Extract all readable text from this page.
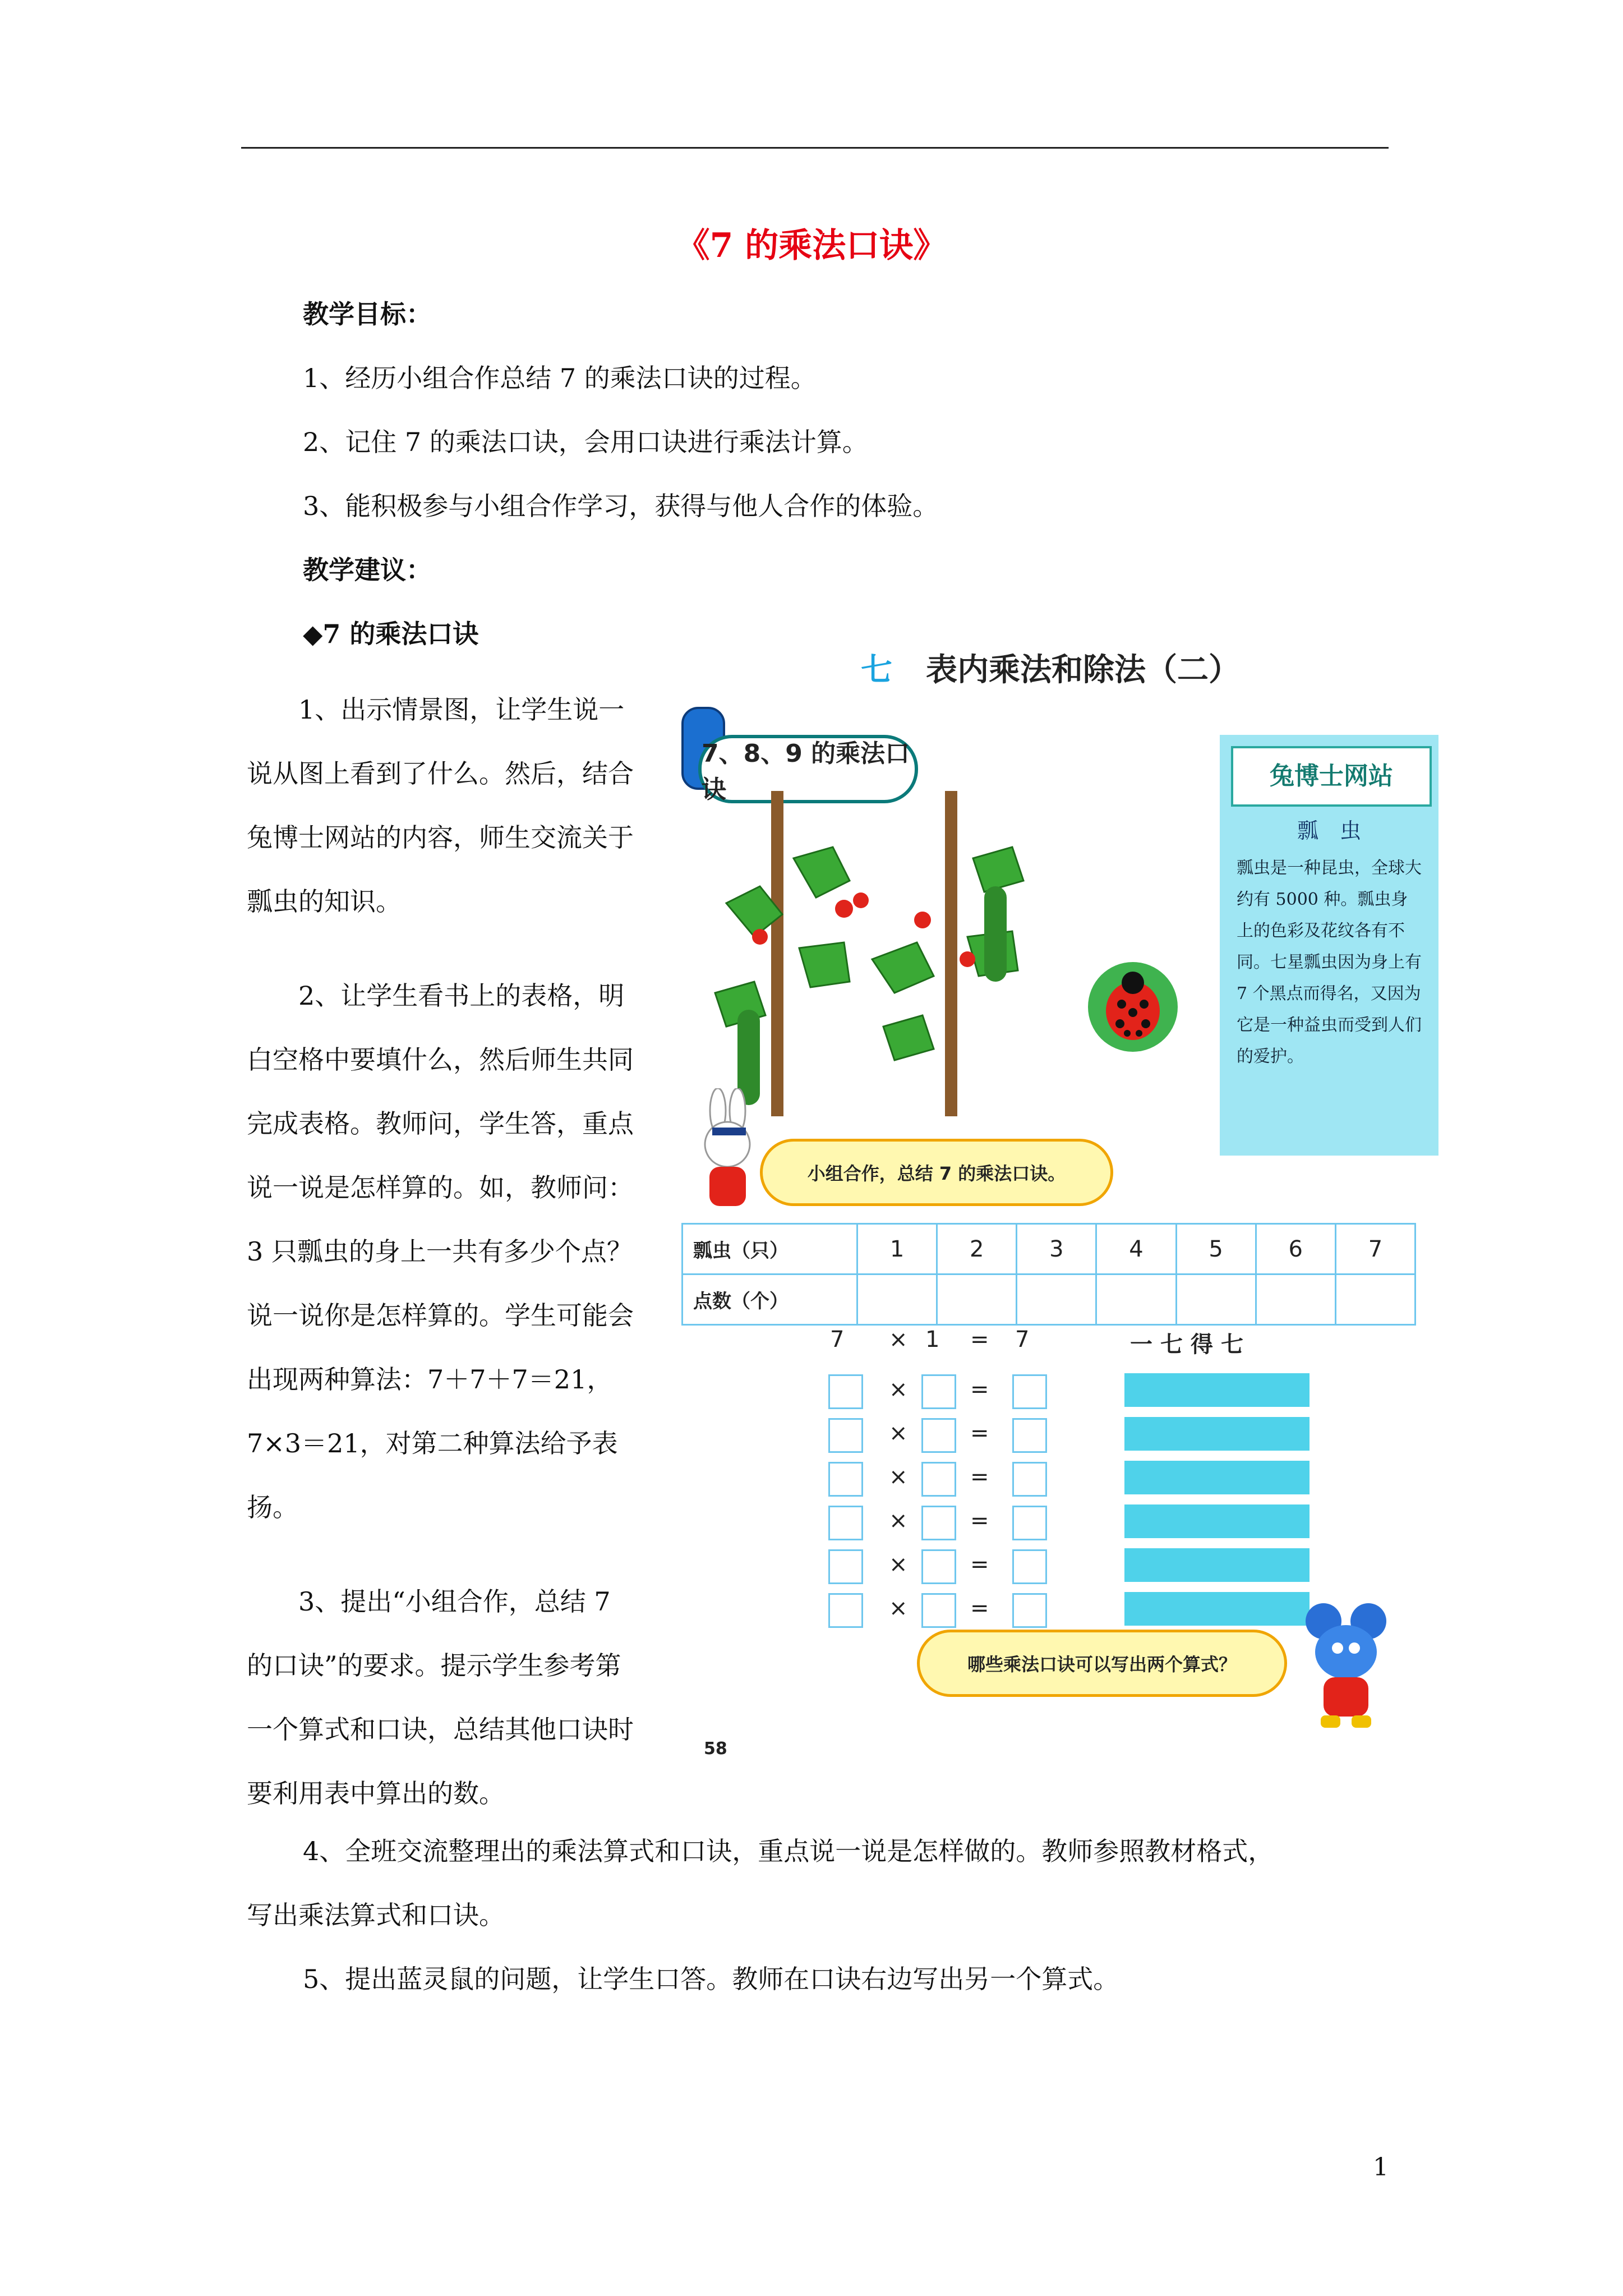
《7 的乘法口诀》
教学目标：
1、经历小组合作总结 7 的乘法口诀的过程。
2、记住 7 的乘法口诀，会用口诀进行乘法计算。
3、能积极参与小组合作学习，获得与他人合作的体验。
教学建议：
◆7 的乘法口诀

1、出示情景图，让学生说一说从图上看到了什么。然后，结合兔博士网站的内容，师生交流关于瓢虫的知识。

2、让学生看书上的表格，明白空格中要填什么，然后师生共同完成表格。教师问，学生答，重点说一说是怎样算的。如，教师问：3 只瓢虫的身上一共有多少个点？说一说你是怎样算的。学生可能会出现两种算法：7＋7＋7＝21，7×3＝21，对第二种算法给予表扬。

3、提出“小组合作，总结 7 的口诀”的要求。提示学生参考第一个算式和口诀，总结其他口诀时要利用表中算出的数。

4、全班交流整理出的乘法算式和口诀，重点说一说是怎样做的。教师参照教材格式，
写出乘法算式和口诀。
5、提出蓝灵鼠的问题，让学生口答。教师在口诀右边写出另一个算式。
七 表内乘法和除法（二）
7、8、9 的乘法口诀	兔博士网站
瓢　虫
瓢虫是一种昆虫，全球大约有 5000 种。瓢虫身上的色彩及花纹各有不同。七星瓢虫因为身上有 7 个黑点而得名，又因为它是一种益虫而受到人们的爱护。
小组合作，总结 7 的乘法口诀。
瓢虫（只）	1	2	3	4	5	6	7
点数（个）							
7 × 1 = 7	一七得七
×	=
×	=
×	=
×	=
×	=
×	=
哪些乘法口诀可以写出两个算式？
58
1
